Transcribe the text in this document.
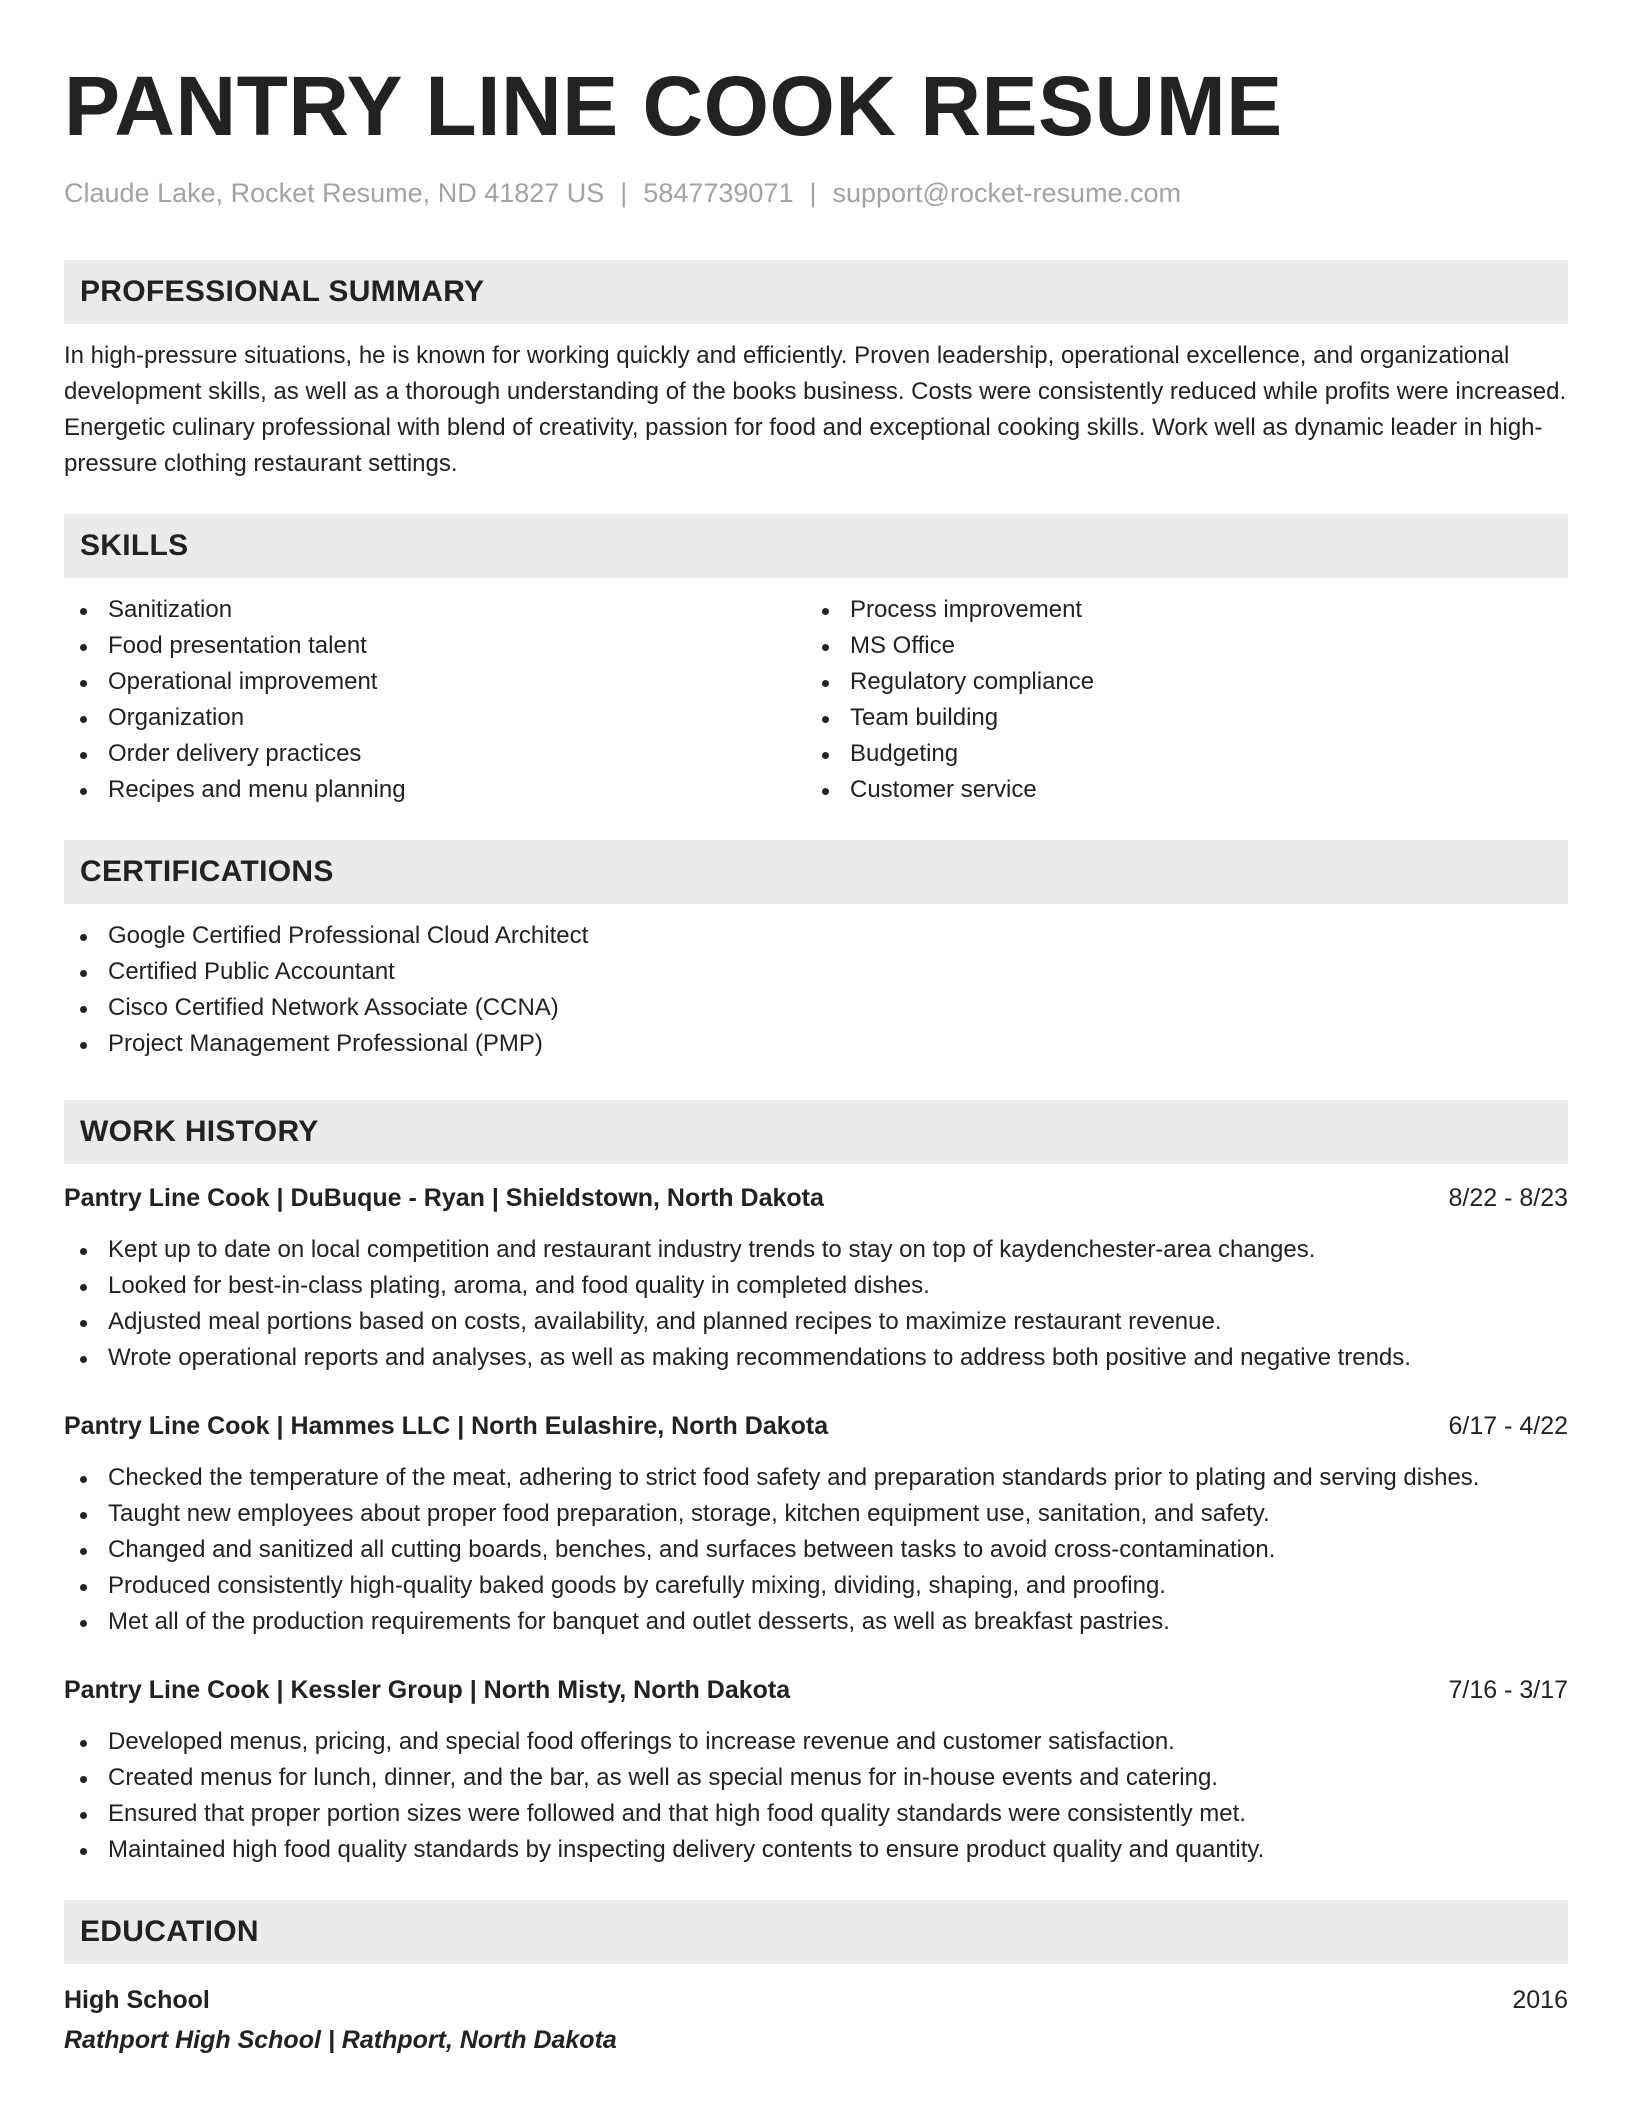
PANTRY LINE COOK RESUME
Claude Lake, Rocket Resume, ND 41827 US | 5847739071 | support@rocket-resume.com
PROFESSIONAL SUMMARY

In high-pressure situations, he is known for working quickly and efficiently. Proven leadership, operational excellence, and organizational development skills, as well as a thorough understanding of the books business. Costs were consistently reduced while profits were increased. Energetic culinary professional with blend of creativity, passion for food and exceptional cooking skills. Work well as dynamic leader in high-pressure clothing restaurant settings.

SKILLS
Sanitization
Food presentation talent
Operational improvement
Organization
Order delivery practices
Recipes and menu planning
Process improvement
MS Office
Regulatory compliance
Team building
Budgeting
Customer service
CERTIFICATIONS
Google Certified Professional Cloud Architect
Certified Public Accountant
Cisco Certified Network Associate (CCNA)
Project Management Professional (PMP)
WORK HISTORY
Pantry Line Cook | DuBuque - Ryan | Shieldstown, North Dakota	8/22 - 8/23
Kept up to date on local competition and restaurant industry trends to stay on top of kaydenchester-area changes.
Looked for best-in-class plating, aroma, and food quality in completed dishes.
Adjusted meal portions based on costs, availability, and planned recipes to maximize restaurant revenue.
Wrote operational reports and analyses, as well as making recommendations to address both positive and negative trends.
Pantry Line Cook | Hammes LLC | North Eulashire, North Dakota	6/17 - 4/22
Checked the temperature of the meat, adhering to strict food safety and preparation standards prior to plating and serving dishes.
Taught new employees about proper food preparation, storage, kitchen equipment use, sanitation, and safety.
Changed and sanitized all cutting boards, benches, and surfaces between tasks to avoid cross-contamination.
Produced consistently high-quality baked goods by carefully mixing, dividing, shaping, and proofing.
Met all of the production requirements for banquet and outlet desserts, as well as breakfast pastries.
Pantry Line Cook | Kessler Group | North Misty, North Dakota	7/16 - 3/17
Developed menus, pricing, and special food offerings to increase revenue and customer satisfaction.
Created menus for lunch, dinner, and the bar, as well as special menus for in-house events and catering.
Ensured that proper portion sizes were followed and that high food quality standards were consistently met.
Maintained high food quality standards by inspecting delivery contents to ensure product quality and quantity.
EDUCATION
High School	2016
Rathport High School | Rathport, North Dakota
